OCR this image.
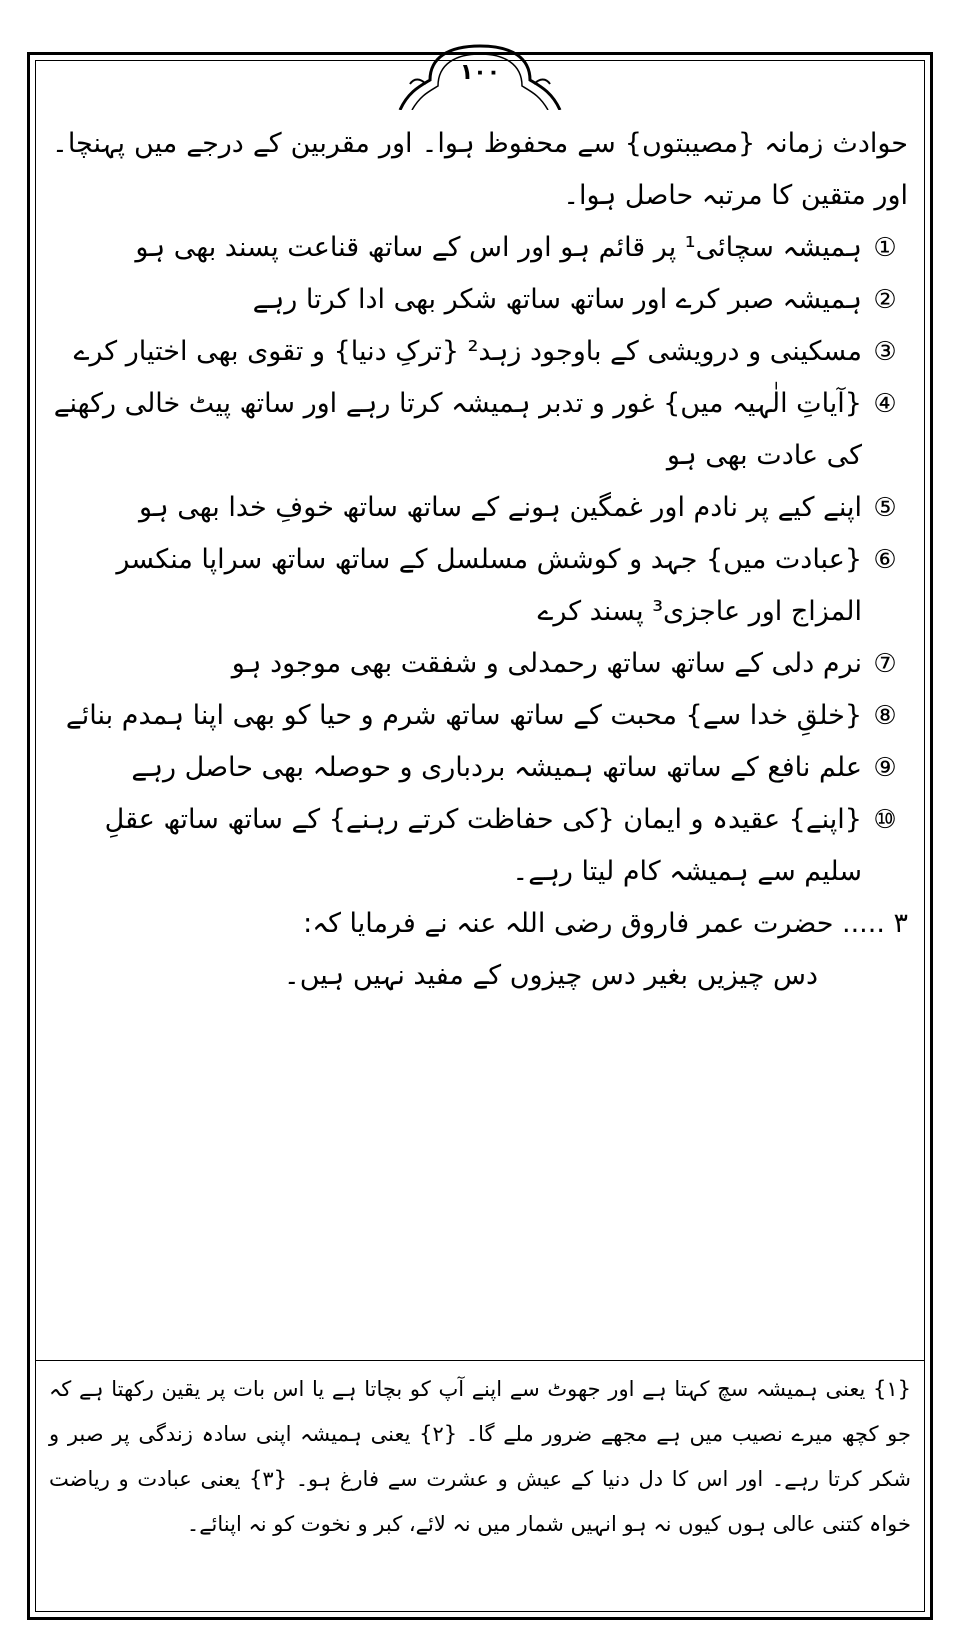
۱۰۰

حوادث زمانہ {مصیبتوں} سے محفوظ ہوا۔ اور مقربین کے درجے میں پہنچا۔ اور متقین کا مرتبہ حاصل ہوا۔

①
ہمیشہ سچائی¹ پر قائم ہو اور اس کے ساتھ قناعت پسند بھی ہو
②
ہمیشہ صبر کرے اور ساتھ ساتھ شکر بھی ادا کرتا رہے
③
مسکینی و درویشی کے باوجود زہد² {ترکِ دنیا} و تقوی بھی اختیار کرے
④
{آیاتِ الٰہیہ میں} غور و تدبر ہمیشہ کرتا رہے اور ساتھ پیٹ خالی رکھنے کی عادت بھی ہو
⑤
اپنے کیے پر نادم اور غمگین ہونے کے ساتھ ساتھ خوفِ خدا بھی ہو
⑥
{عبادت میں} جہد و کوشش مسلسل کے ساتھ ساتھ سراپا منکسر المزاج اور عاجزی³ پسند کرے
⑦
نرم دلی کے ساتھ ساتھ رحمدلی و شفقت بھی موجود ہو
⑧
{خلقِ خدا سے} محبت کے ساتھ ساتھ شرم و حیا کو بھی اپنا ہمدم بنائے
⑨
علم نافع کے ساتھ ساتھ ہمیشہ بردباری و حوصلہ بھی حاصل رہے
⑩
{اپنے} عقیدہ و ایمان {کی حفاظت کرتے رہنے} کے ساتھ ساتھ عقلِ سلیم سے ہمیشہ کام لیتا رہے۔

۳ ..... حضرت عمر فاروق رضی اللہ عنہ نے فرمایا کہ:

دس چیزیں بغیر دس چیزوں کے مفید نہیں ہیں۔

{۱} یعنی ہمیشہ سچ کہتا ہے اور جھوٹ سے اپنے آپ کو بچاتا ہے یا اس بات پر یقین رکھتا ہے کہ جو کچھ میرے نصیب میں ہے مجھے ضرور ملے گا۔ {۲} یعنی ہمیشہ اپنی سادہ زندگی پر صبر و شکر کرتا رہے۔ اور اس کا دل دنیا کے عیش و عشرت سے فارغ ہو۔ {۳} یعنی عبادت و ریاضت خواہ کتنی عالی ہوں کیوں نہ ہو انہیں شمار میں نہ لائے، کبر و نخوت کو نہ اپنائے۔
